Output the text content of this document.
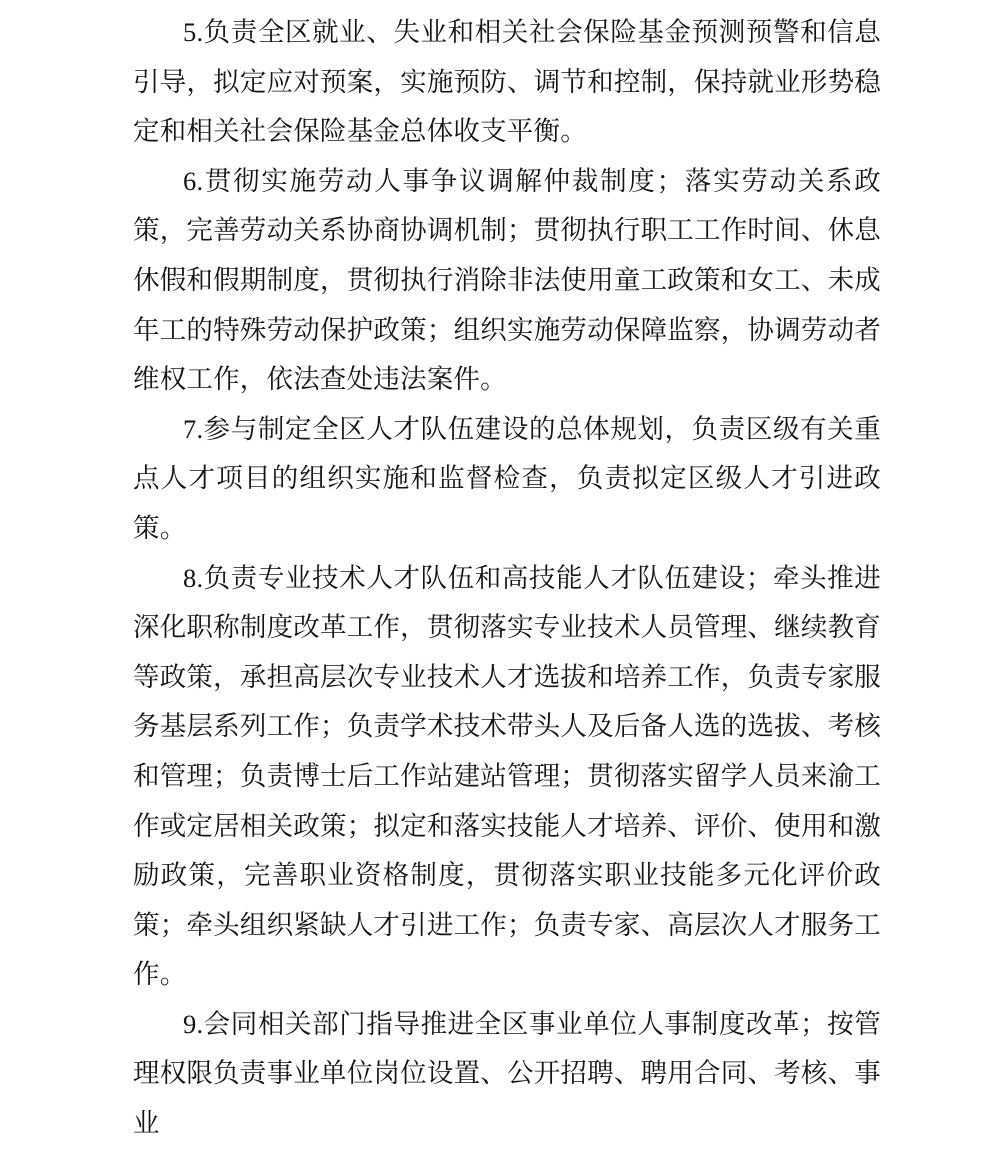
5.负责全区就业、失业和相关社会保险基金预测预警和信息引导，拟定应对预案，实施预防、调节和控制，保持就业形势稳定和相关社会保险基金总体收支平衡。

6.贯彻实施劳动人事争议调解仲裁制度；落实劳动关系政策，完善劳动关系协商协调机制；贯彻执行职工工作时间、休息休假和假期制度，贯彻执行消除非法使用童工政策和女工、未成年工的特殊劳动保护政策；组织实施劳动保障监察，协调劳动者维权工作，依法查处违法案件。

7.参与制定全区人才队伍建设的总体规划，负责区级有关重点人才项目的组织实施和监督检查，负责拟定区级人才引进政策。

8.负责专业技术人才队伍和高技能人才队伍建设；牵头推进深化职称制度改革工作，贯彻落实专业技术人员管理、继续教育等政策，承担高层次专业技术人才选拔和培养工作，负责专家服务基层系列工作；负责学术技术带头人及后备人选的选拔、考核和管理；负责博士后工作站建站管理；贯彻落实留学人员来渝工作或定居相关政策；拟定和落实技能人才培养、评价、使用和激励政策，完善职业资格制度，贯彻落实职业技能多元化评价政策；牵头组织紧缺人才引进工作；负责专家、高层次人才服务工作。

9.会同相关部门指导推进全区事业单位人事制度改革；按管理权限负责事业单位岗位设置、公开招聘、聘用合同、考核、事业
